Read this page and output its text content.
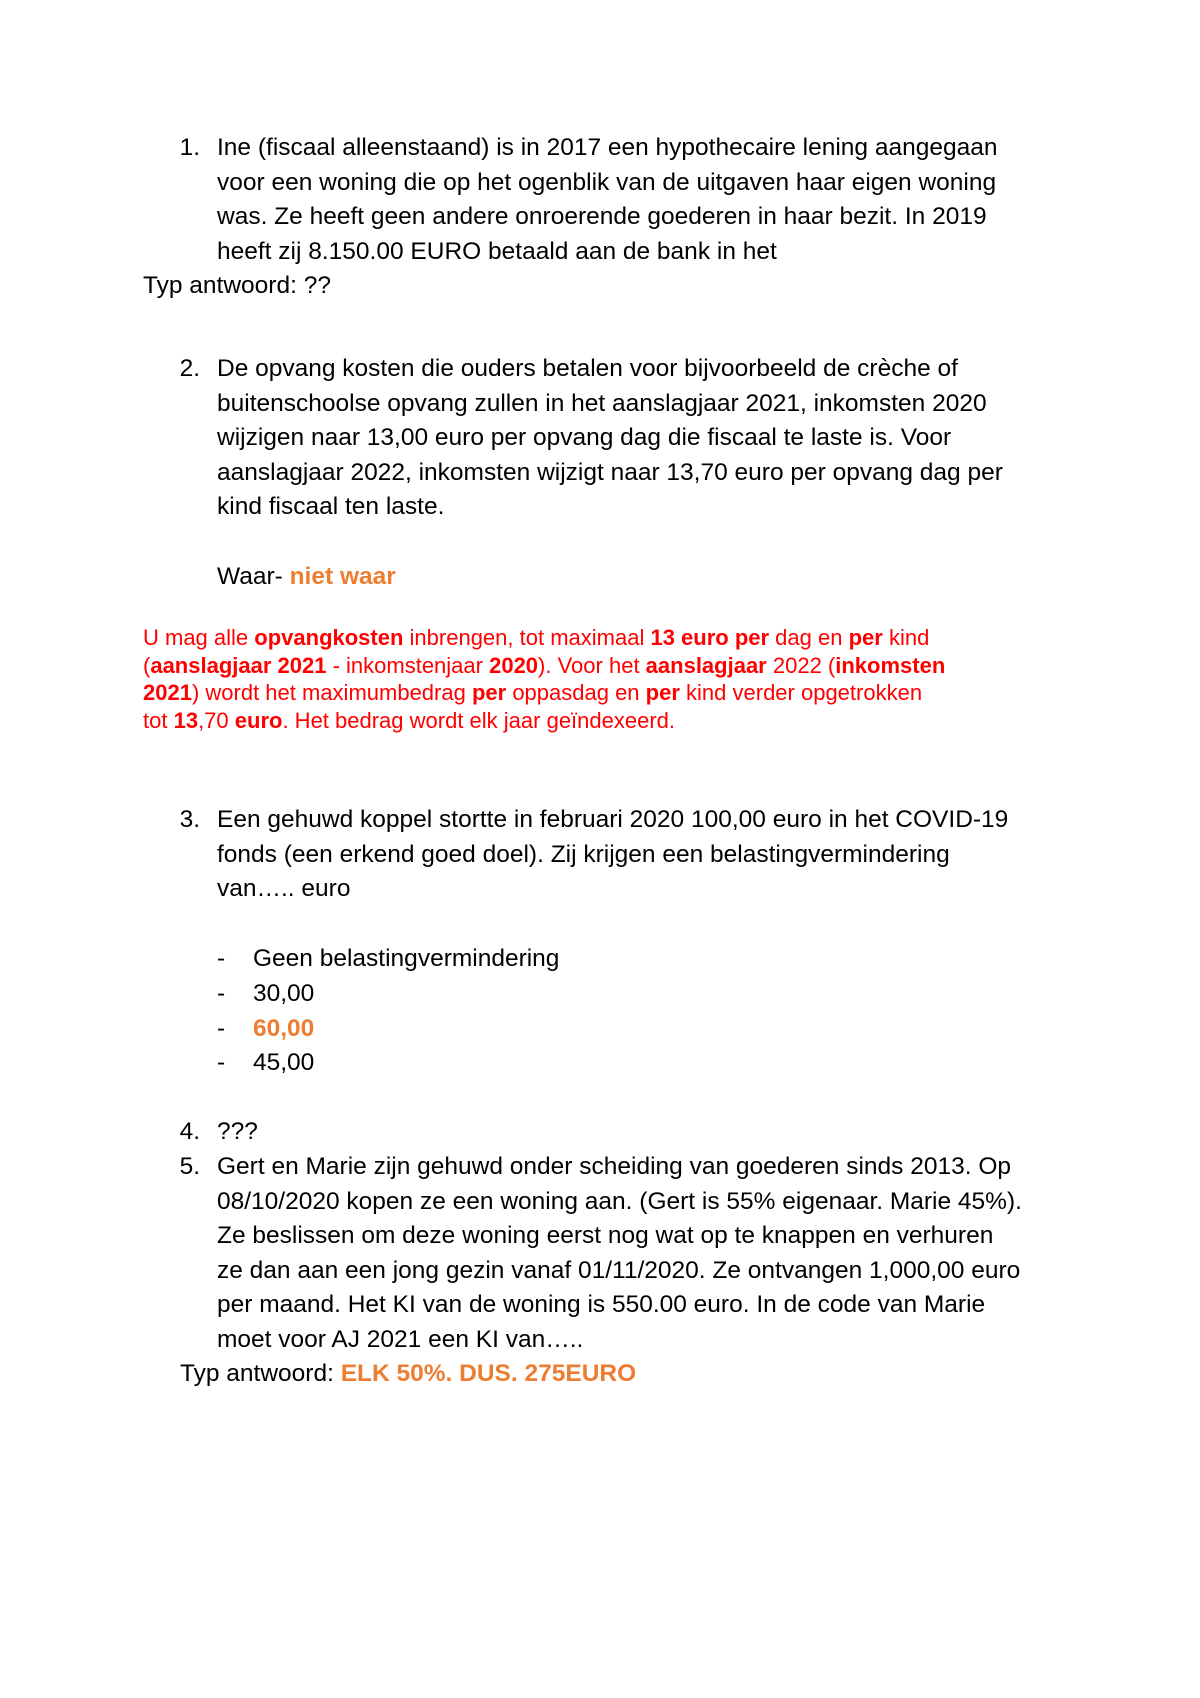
1. Ine (fiscaal alleenstaand) is in 2017 een hypothecaire lening aangegaan
voor een woning die op het ogenblik van de uitgaven haar eigen woning
was. Ze heeft geen andere onroerende goederen in haar bezit. In 2019
heeft zij 8.150.00 EURO betaald aan de bank in het
Typ antwoord: ??
2. De opvang kosten die ouders betalen voor bijvoorbeeld de crèche of
buitenschoolse opvang zullen in het aanslagjaar 2021, inkomsten 2020
wijzigen naar 13,00 euro per opvang dag die fiscaal te laste is. Voor
aanslagjaar 2022, inkomsten wijzigt naar 13,70 euro per opvang dag per
kind fiscaal ten laste.
Waar- niet waar
U mag alle opvangkosten inbrengen, tot maximaal 13 euro per dag en per kind
(aanslagjaar 2021 - inkomstenjaar 2020). Voor het aanslagjaar 2022 (inkomsten
2021) wordt het maximumbedrag per oppasdag en per kind verder opgetrokken
tot 13,70 euro. Het bedrag wordt elk jaar geïndexeerd.
3. Een gehuwd koppel stortte in februari 2020 100,00 euro in het COVID-19
fonds (een erkend goed doel). Zij krijgen een belastingvermindering
van….. euro
-	Geen belastingvermindering
-	30,00
-	60,00
-	45,00
4. ???
5. Gert en Marie zijn gehuwd onder scheiding van goederen sinds 2013. Op
08/10/2020 kopen ze een woning aan. (Gert is 55% eigenaar. Marie 45%).
Ze beslissen om deze woning eerst nog wat op te knappen en verhuren
ze dan aan een jong gezin vanaf 01/11/2020. Ze ontvangen 1,000,00 euro
per maand. Het KI van de woning is 550.00 euro. In de code van Marie
moet voor AJ 2021 een KI van…..
Typ antwoord: ELK 50%. DUS. 275EURO
